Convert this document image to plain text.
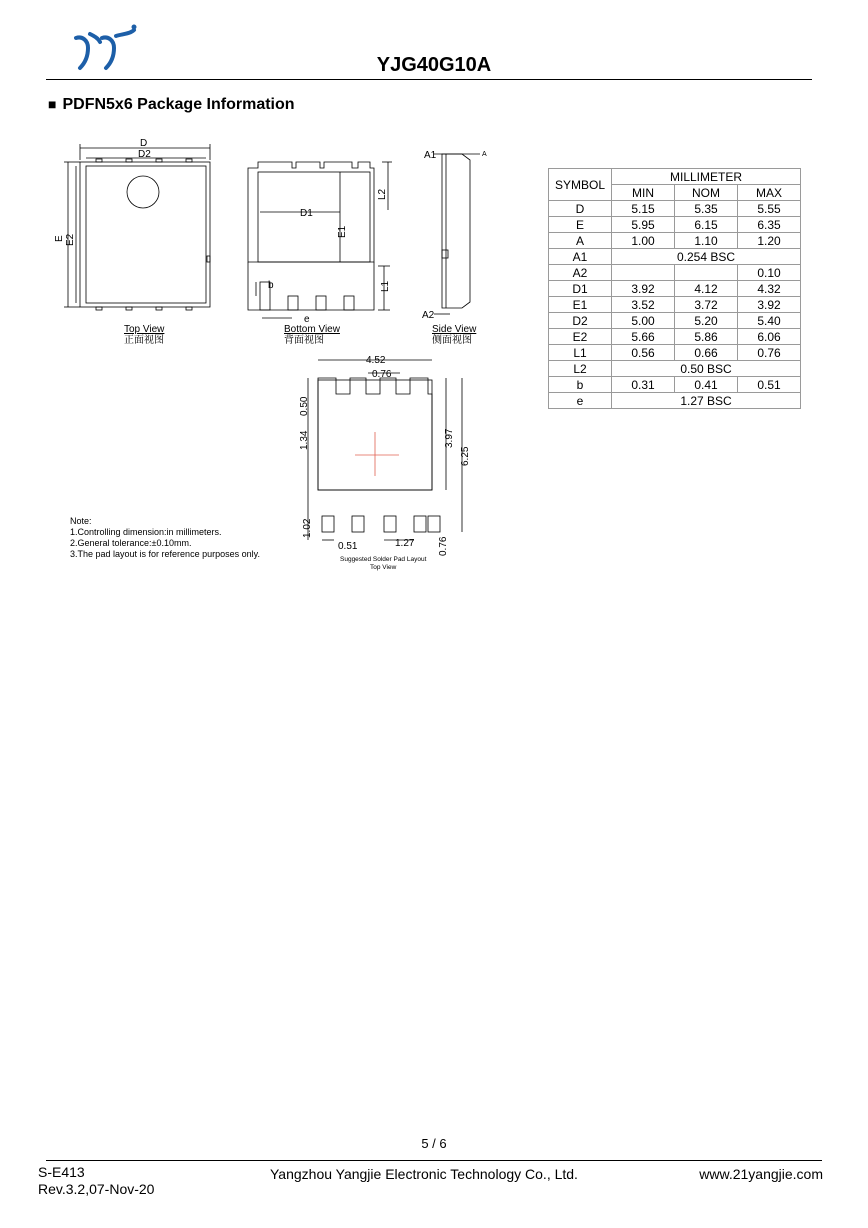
YJG40G10A
■ PDFN5x6 Package Information
D
D2
E E2
D1
E1
L2
L1
b
e
A1	A
A2
Top View
正面视图
Bottom View
背面视图
Side View
侧面视图
4.52
0.76
0.50
1.34	3.97
6.25
1.02
0.51	1.27 0.76
Suggested Solder Pad Layout
Top View
SYMBOL	MILLIMETER		
	MIN	NOM	MAX
D	5.15	5.35	5.55
E	5.95	6.15	6.35
A	1.00	1.10	1.20
A1	0.254 BSC		
A2			0.10
D1	3.92	4.12	4.32
E1	3.52	3.72	3.92
D2	5.00	5.20	5.40
E2	5.66	5.86	6.06
L1	0.56	0.66	0.76
L2	0.50 BSC		
b	0.31	0.41	0.51
e	1.27 BSC		
Note:
1.Controlling dimension:in millimeters.
2.General tolerance:±0.10mm.
3.The pad layout is for reference purposes only.
5 / 6
S-E413
Rev.3.2,07-Nov-20
Yangzhou Yangjie Electronic Technology Co., Ltd.	www.21yangjie.com
